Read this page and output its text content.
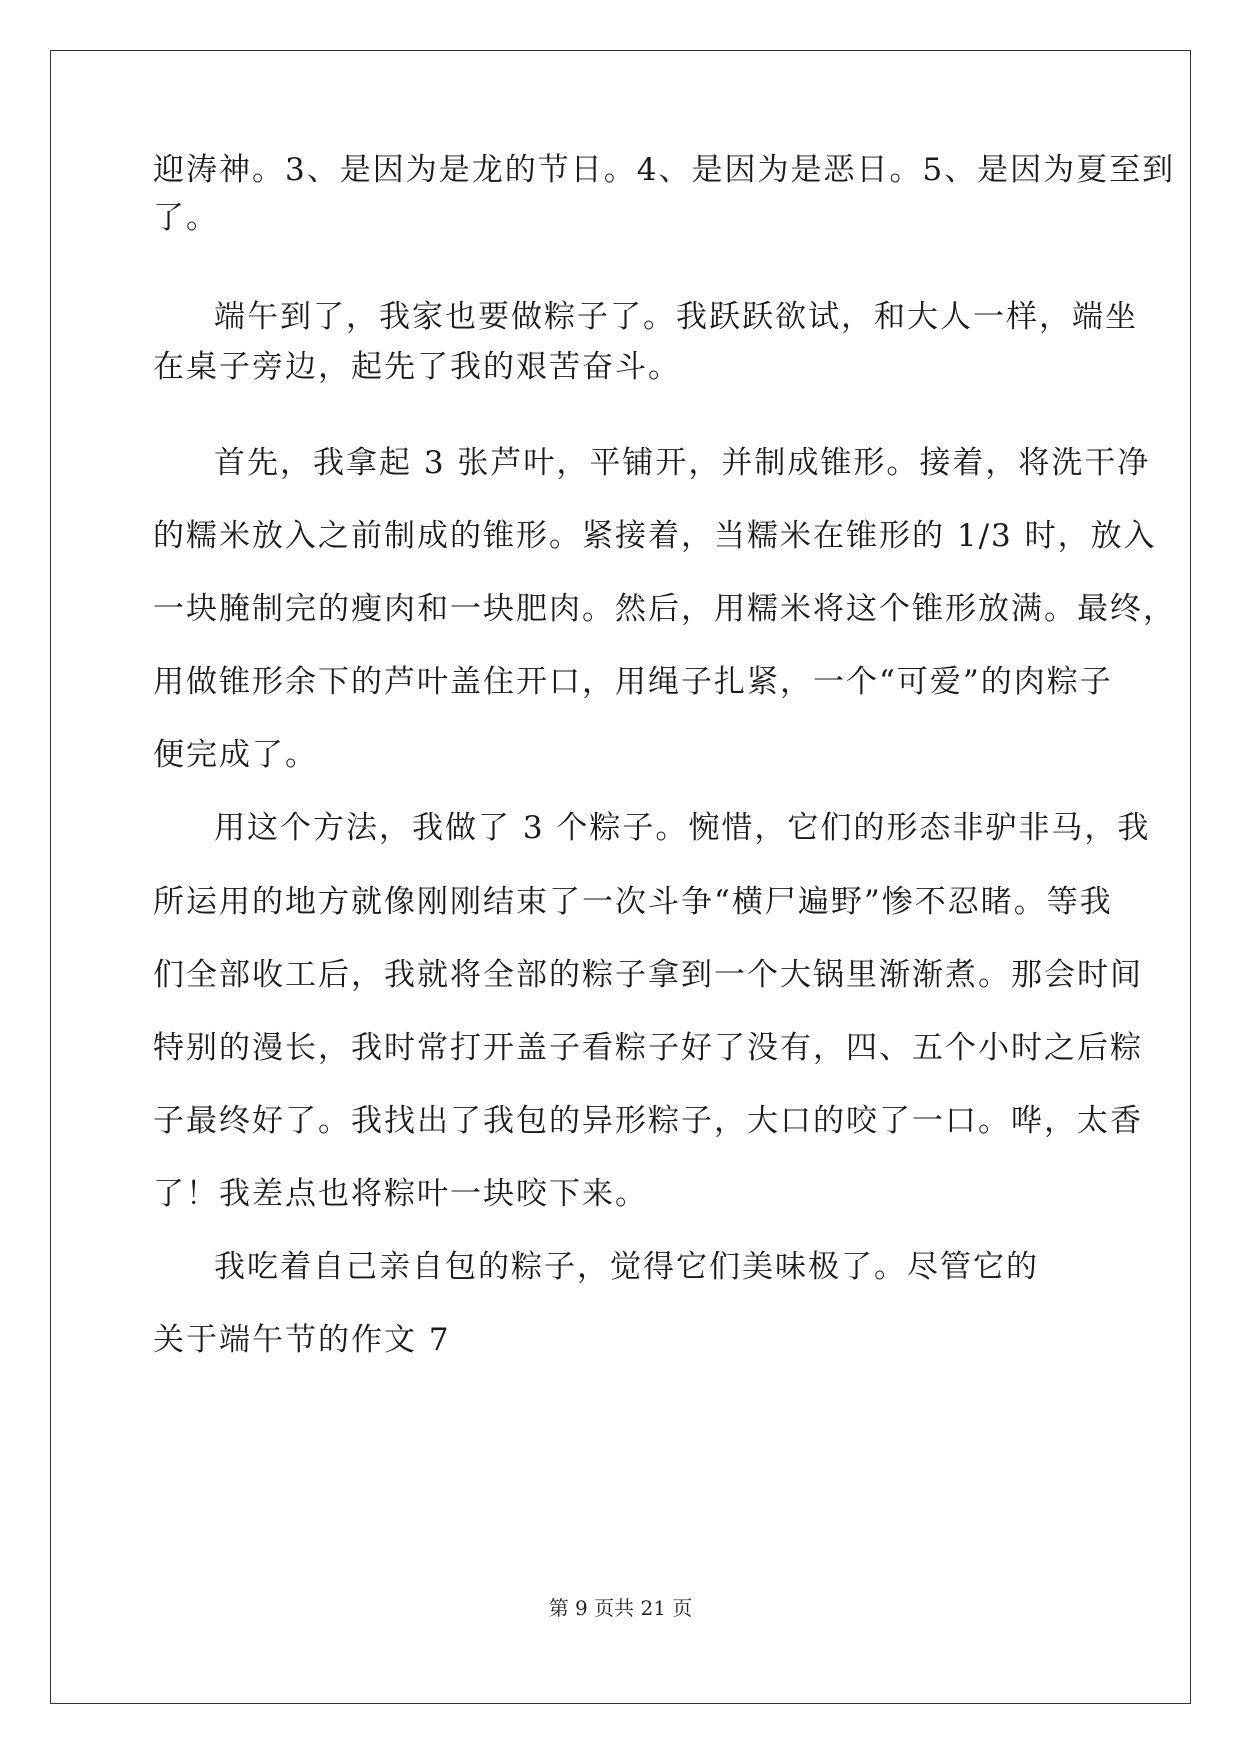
迎涛神。3、是因为是龙的节日。4、是因为是恶日。5、是因为夏至到
了。
端午到了，我家也要做粽子了。我跃跃欲试，和大人一样，端坐
在桌子旁边，起先了我的艰苦奋斗。
首先，我拿起 3 张芦叶，平铺开，并制成锥形。接着，将洗干净
的糯米放入之前制成的锥形。紧接着，当糯米在锥形的 1/3 时，放入
一块腌制完的瘦肉和一块肥肉。然后，用糯米将这个锥形放满。最终，
用做锥形余下的芦叶盖住开口，用绳子扎紧，一个“可爱”的肉粽子
便完成了。
用这个方法，我做了 3 个粽子。惋惜，它们的形态非驴非马，我
所运用的地方就像刚刚结束了一次斗争“横尸遍野”惨不忍睹。等我
们全部收工后，我就将全部的粽子拿到一个大锅里渐渐煮。那会时间
特别的漫长，我时常打开盖子看粽子好了没有，四、五个小时之后粽
子最终好了。我找出了我包的异形粽子，大口的咬了一口。哗，太香
了！我差点也将粽叶一块咬下来。
我吃着自己亲自包的粽子，觉得它们美味极了。尽管它的
关于端午节的作文 7
第 9 页共 21 页
